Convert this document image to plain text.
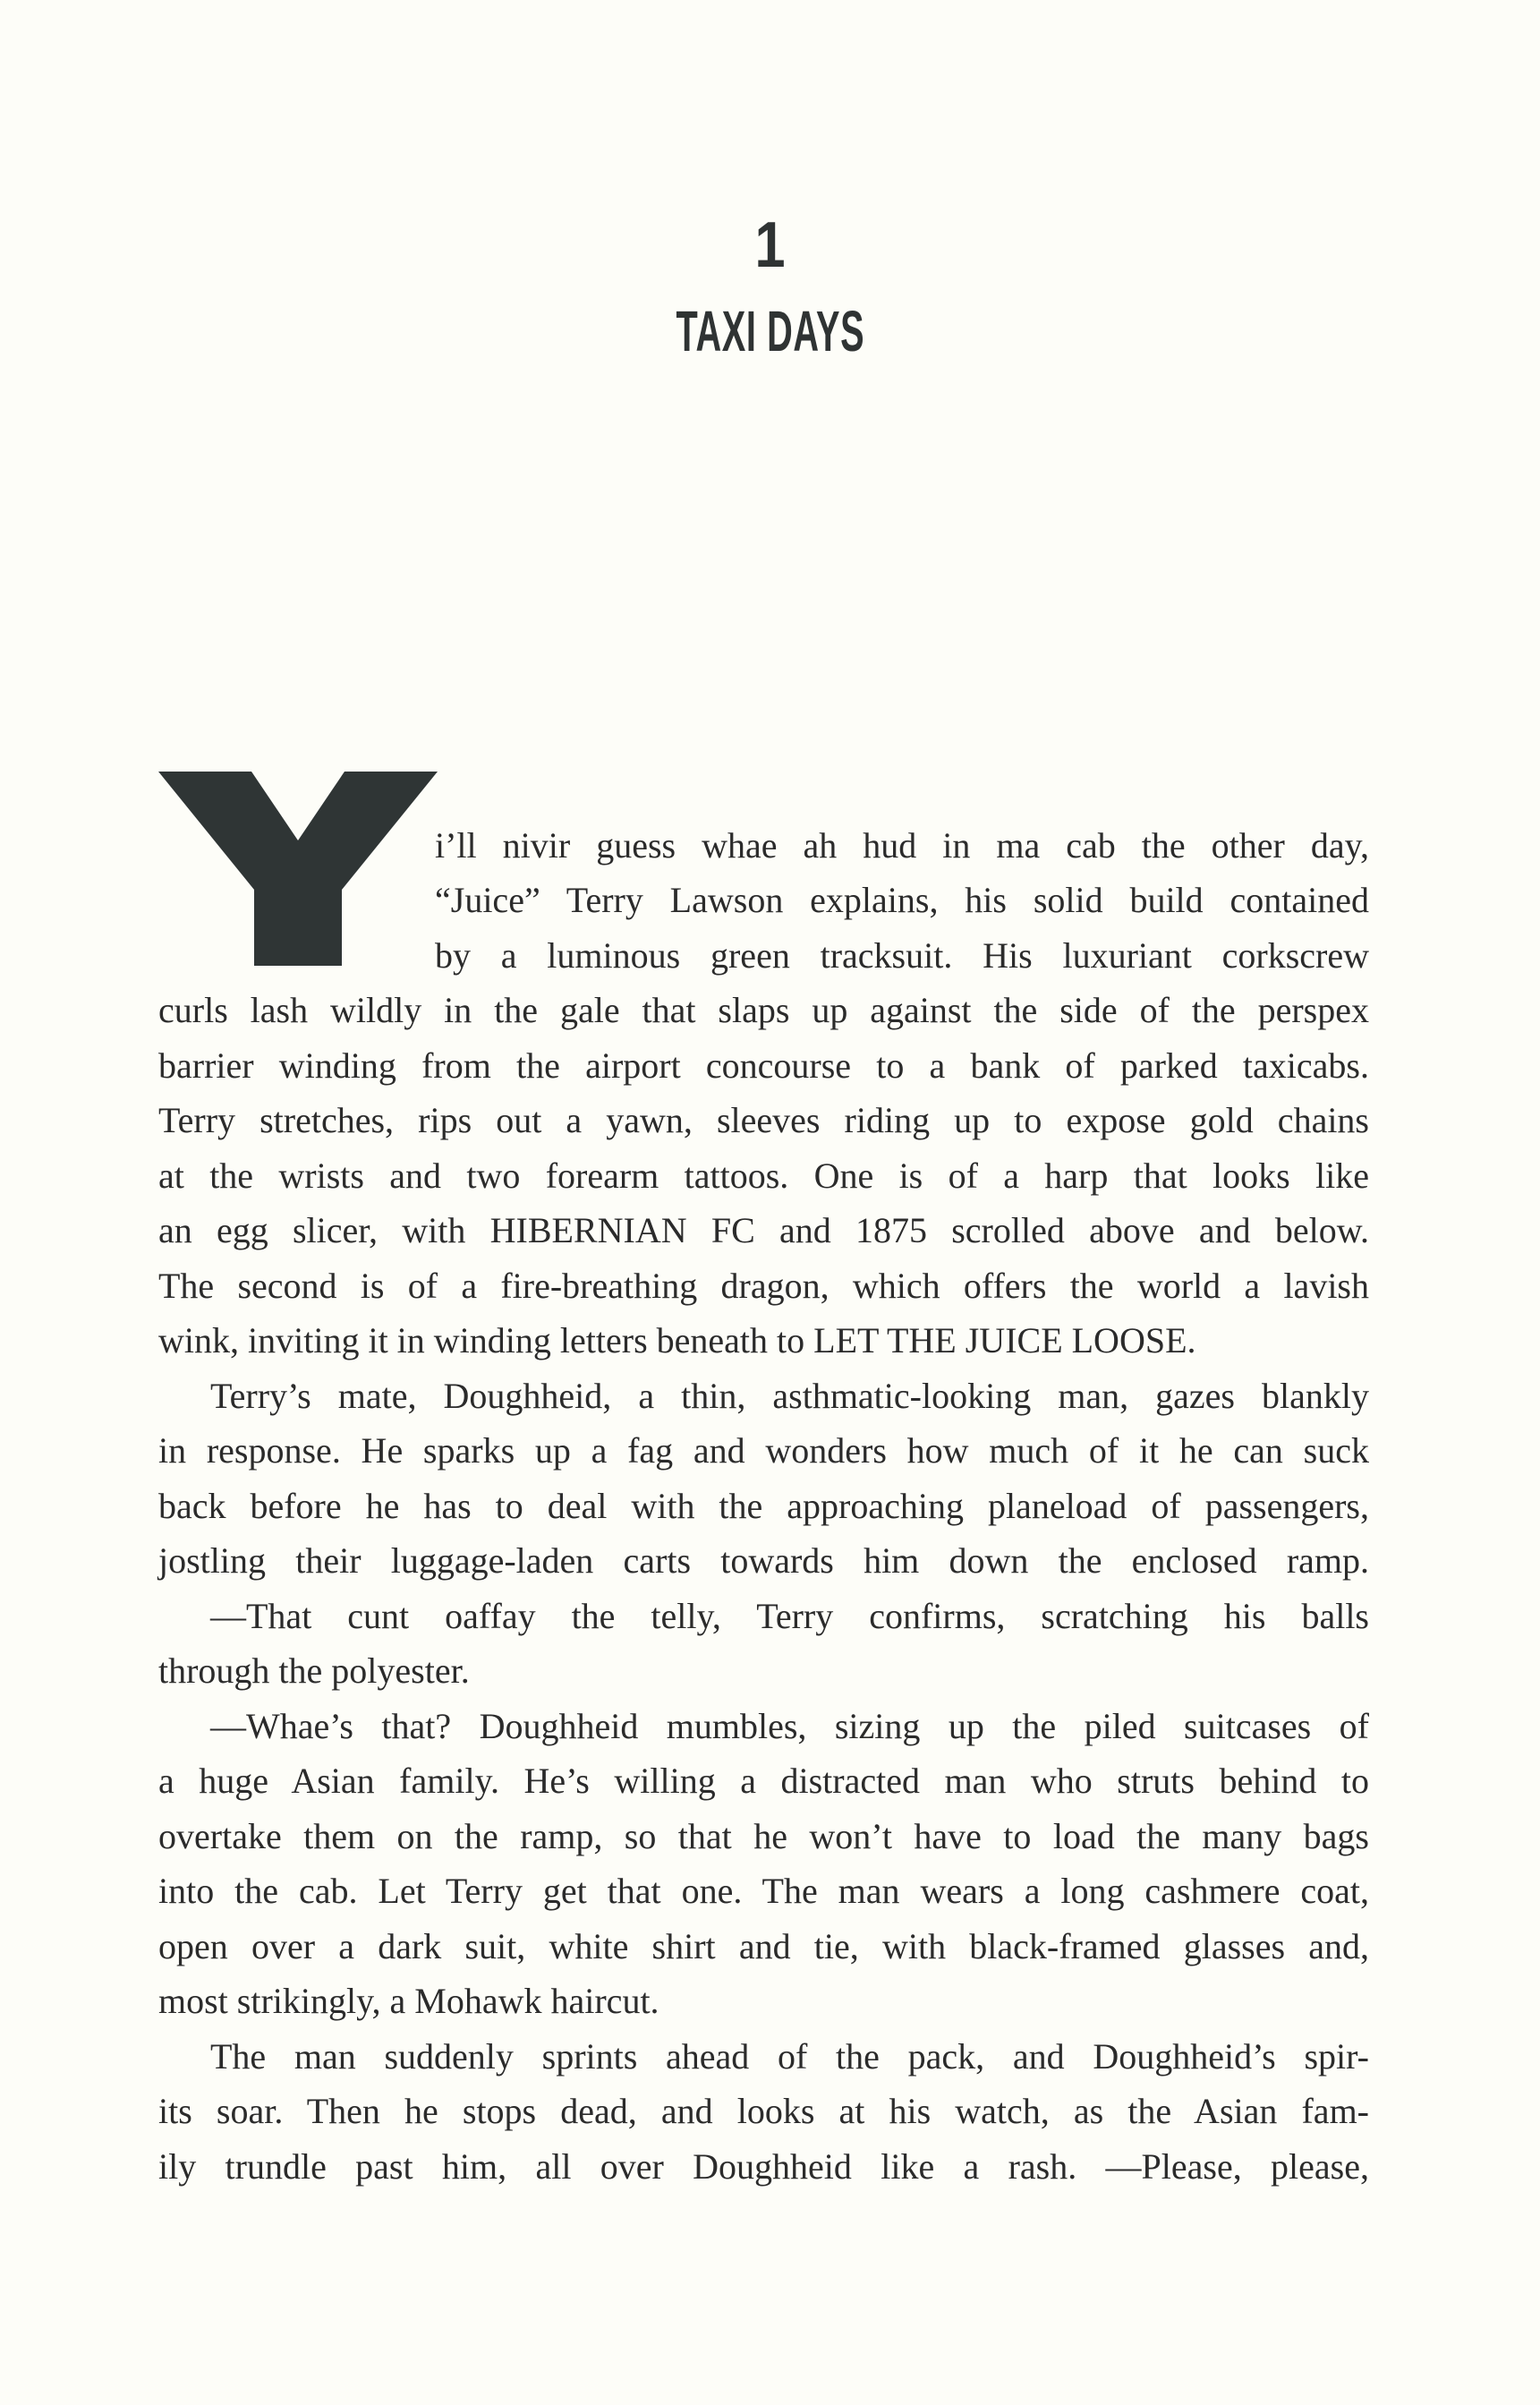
1
TAXI DAYS
i’ll nivir guess whae ah hud in ma cab the other day,
“Juice” Terry Lawson explains, his solid build contained
by a luminous green tracksuit. His luxuriant corkscrew
curls lash wildly in the gale that slaps up against the side of the perspex
barrier winding from the airport concourse to a bank of parked taxicabs.
Terry stretches, rips out a yawn, sleeves riding up to expose gold chains
at the wrists and two forearm tattoos. One is of a harp that looks like
an egg slicer, with HIBERNIAN FC and 1875 scrolled above and below.
The second is of a fire-breathing dragon, which offers the world a lavish
wink, inviting it in winding letters beneath to LET THE JUICE LOOSE.
Terry’s mate, Doughheid, a thin, asthmatic-looking man, gazes blankly
in response. He sparks up a fag and wonders how much of it he can suck
back before he has to deal with the approaching planeload of passengers,
jostling their luggage-laden carts towards him down the enclosed ramp.
—That cunt oaffay the telly, Terry confirms, scratching his balls
through the polyester.
—Whae’s that? Doughheid mumbles, sizing up the piled suitcases of
a huge Asian family. He’s willing a distracted man who struts behind to
overtake them on the ramp, so that he won’t have to load the many bags
into the cab. Let Terry get that one. The man wears a long cashmere coat,
open over a dark suit, white shirt and tie, with black-framed glasses and,
most strikingly, a Mohawk haircut.
The man suddenly sprints ahead of the pack, and Doughheid’s spir-
its soar. Then he stops dead, and looks at his watch, as the Asian fam-
ily trundle past him, all over Doughheid like a rash. —Please, please,
